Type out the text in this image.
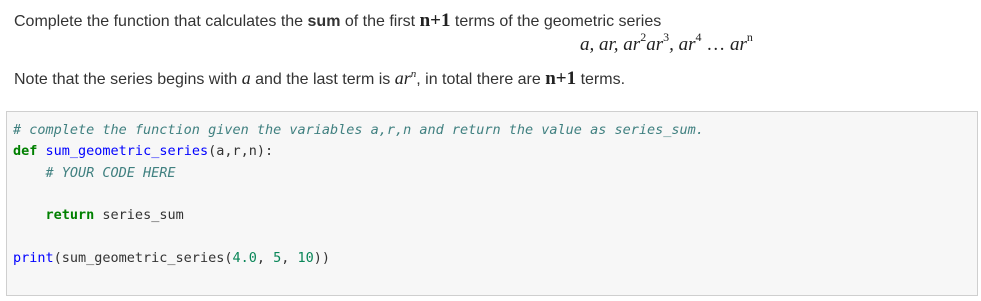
Complete the function that calculates the sum of the first n+1 terms of the geometric series
a, ar, $ar^2ar^3$, $ar^4$ … $ar^n$
Note that the series begins with a and the last term is $ar^n$, in total there are n+1 terms.
# complete the function given the variables a,r,n and return the value as series_sum.
def sum_geometric_series(a,r,n):
# YOUR CODE HERE

return series_sum

print(sum_geometric_series(4.0, 5, 10))
